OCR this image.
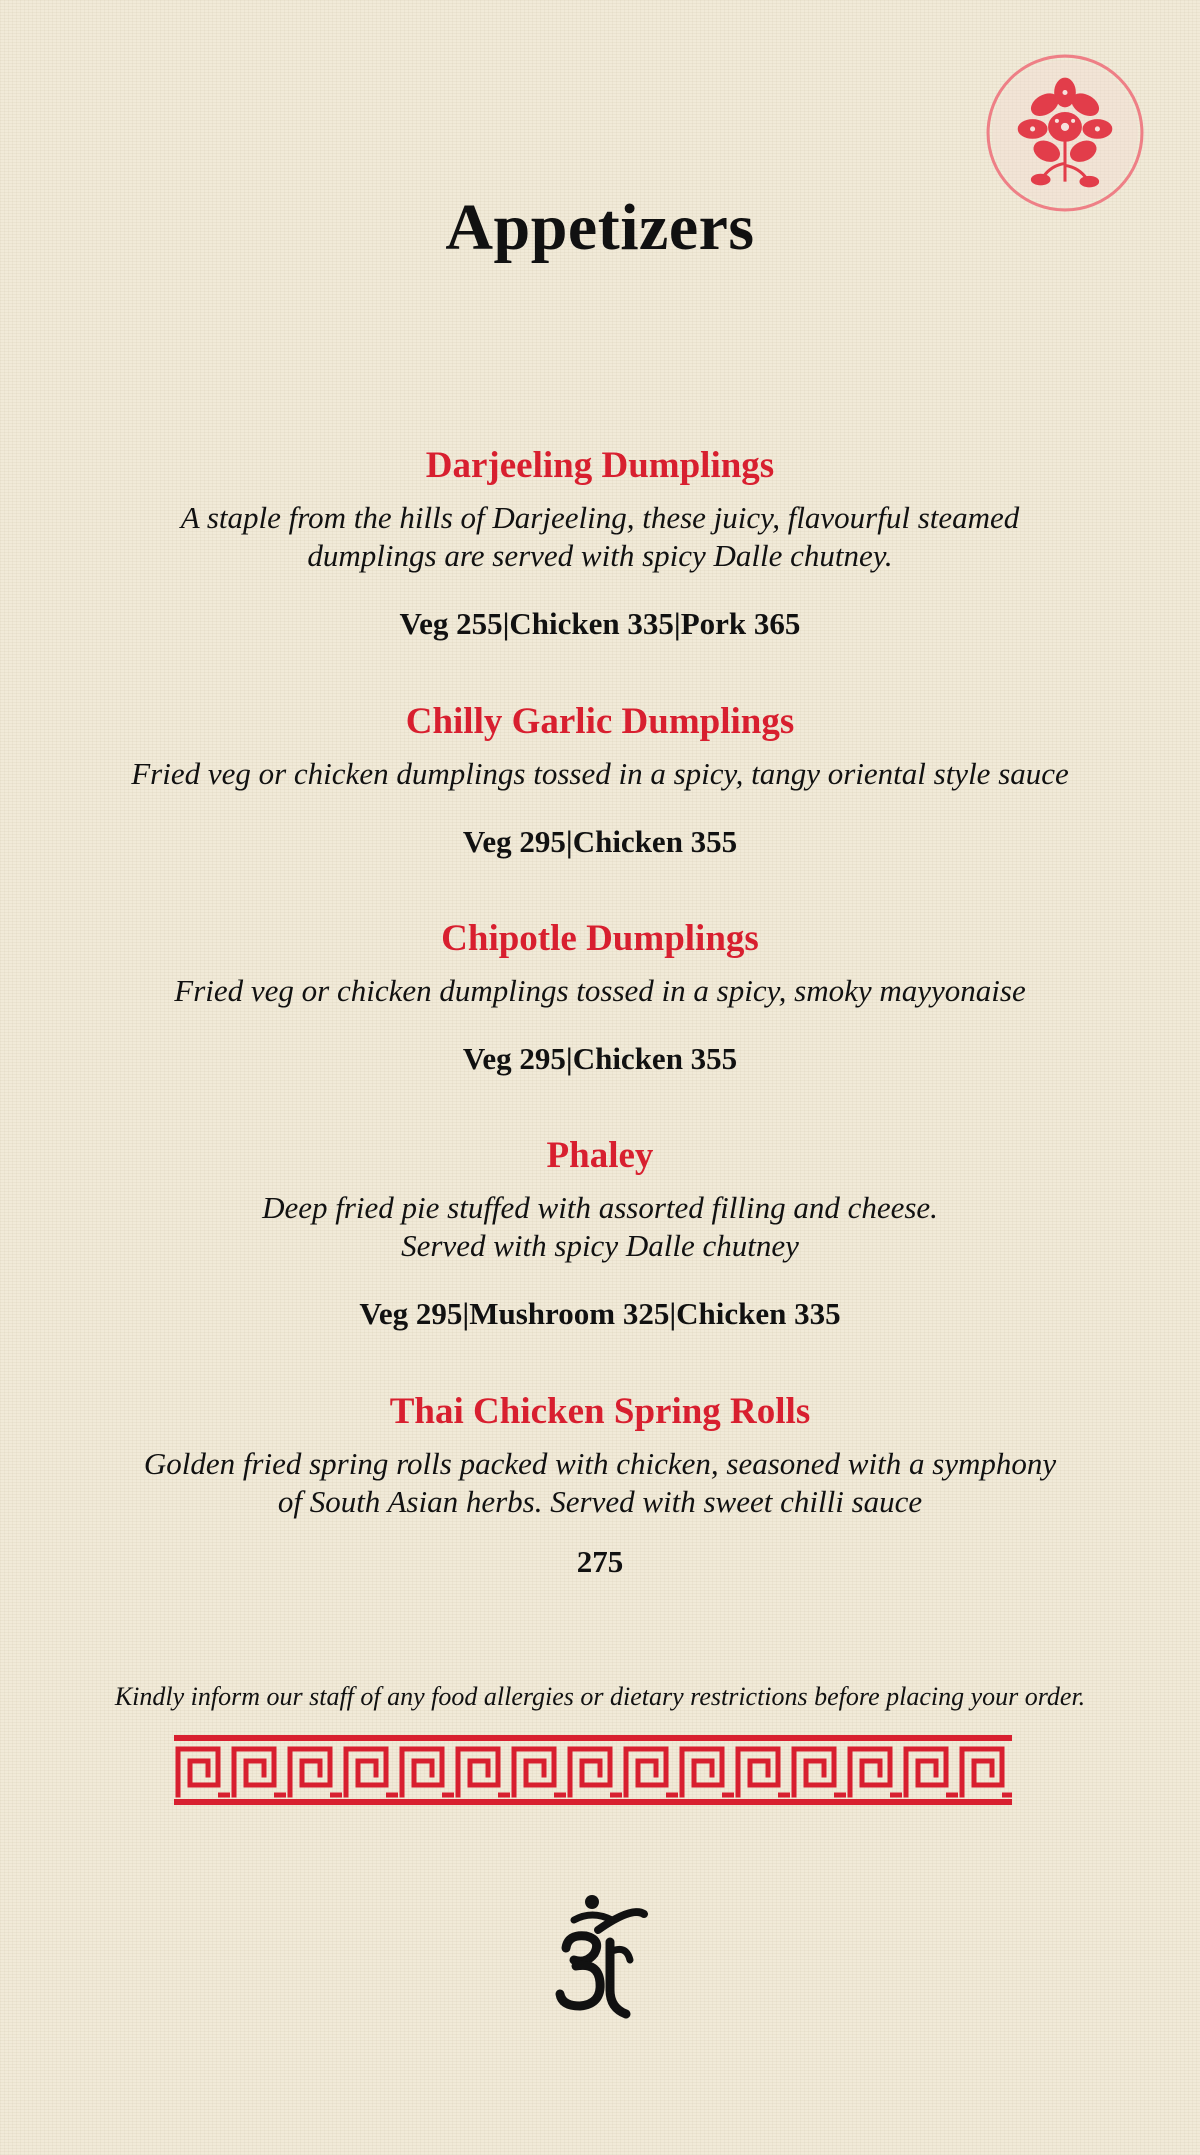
Appetizers
Darjeeling Dumplings
A staple from the hills of Darjeeling, these juicy, flavourful steamed
dumplings are served with spicy Dalle chutney.
Veg 255|Chicken 335|Pork 365
Chilly Garlic Dumplings
Fried veg or chicken dumplings tossed in a spicy, tangy oriental style sauce
Veg 295|Chicken 355
Chipotle Dumplings
Fried veg or chicken dumplings tossed in a spicy, smoky mayyonaise
Veg 295|Chicken 355
Phaley
Deep fried pie stuffed with assorted filling and cheese.
Served with spicy Dalle chutney
Veg 295|Mushroom 325|Chicken 335
Thai Chicken Spring Rolls
Golden fried spring rolls packed with chicken, seasoned with a symphony
of South Asian herbs. Served with sweet chilli sauce
275
Kindly inform our staff of any food allergies or dietary restrictions before placing your order.
